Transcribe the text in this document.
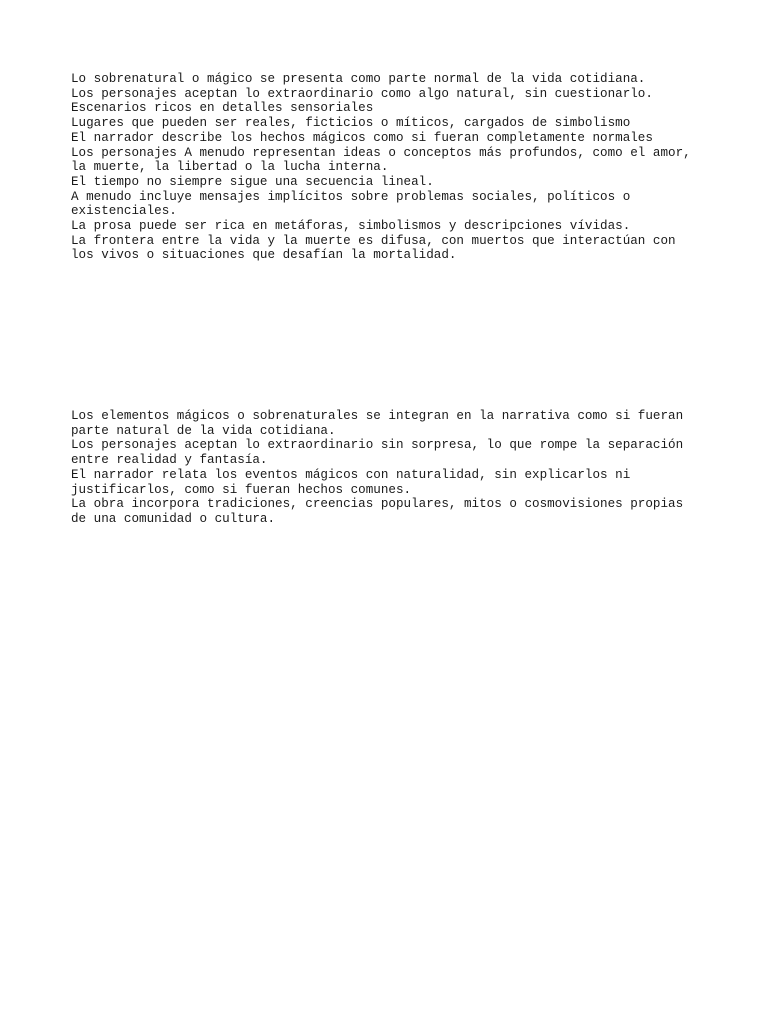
Lo sobrenatural o mágico se presenta como parte normal de la vida cotidiana.
Los personajes aceptan lo extraordinario como algo natural, sin cuestionarlo.
Escenarios ricos en detalles sensoriales
Lugares que pueden ser reales, ficticios o míticos, cargados de simbolismo
El narrador describe los hechos mágicos como si fueran completamente normales
Los personajes A menudo representan ideas o conceptos más profundos, como el amor,
la muerte, la libertad o la lucha interna.
El tiempo no siempre sigue una secuencia lineal.
A menudo incluye mensajes implícitos sobre problemas sociales, políticos o
existenciales.
La prosa puede ser rica en metáforas, simbolismos y descripciones vívidas.
La frontera entre la vida y la muerte es difusa, con muertos que interactúan con
los vivos o situaciones que desafían la mortalidad.
Los elementos mágicos o sobrenaturales se integran en la narrativa como si fueran
parte natural de la vida cotidiana.
Los personajes aceptan lo extraordinario sin sorpresa, lo que rompe la separación
entre realidad y fantasía.
El narrador relata los eventos mágicos con naturalidad, sin explicarlos ni
justificarlos, como si fueran hechos comunes.
La obra incorpora tradiciones, creencias populares, mitos o cosmovisiones propias
de una comunidad o cultura.
